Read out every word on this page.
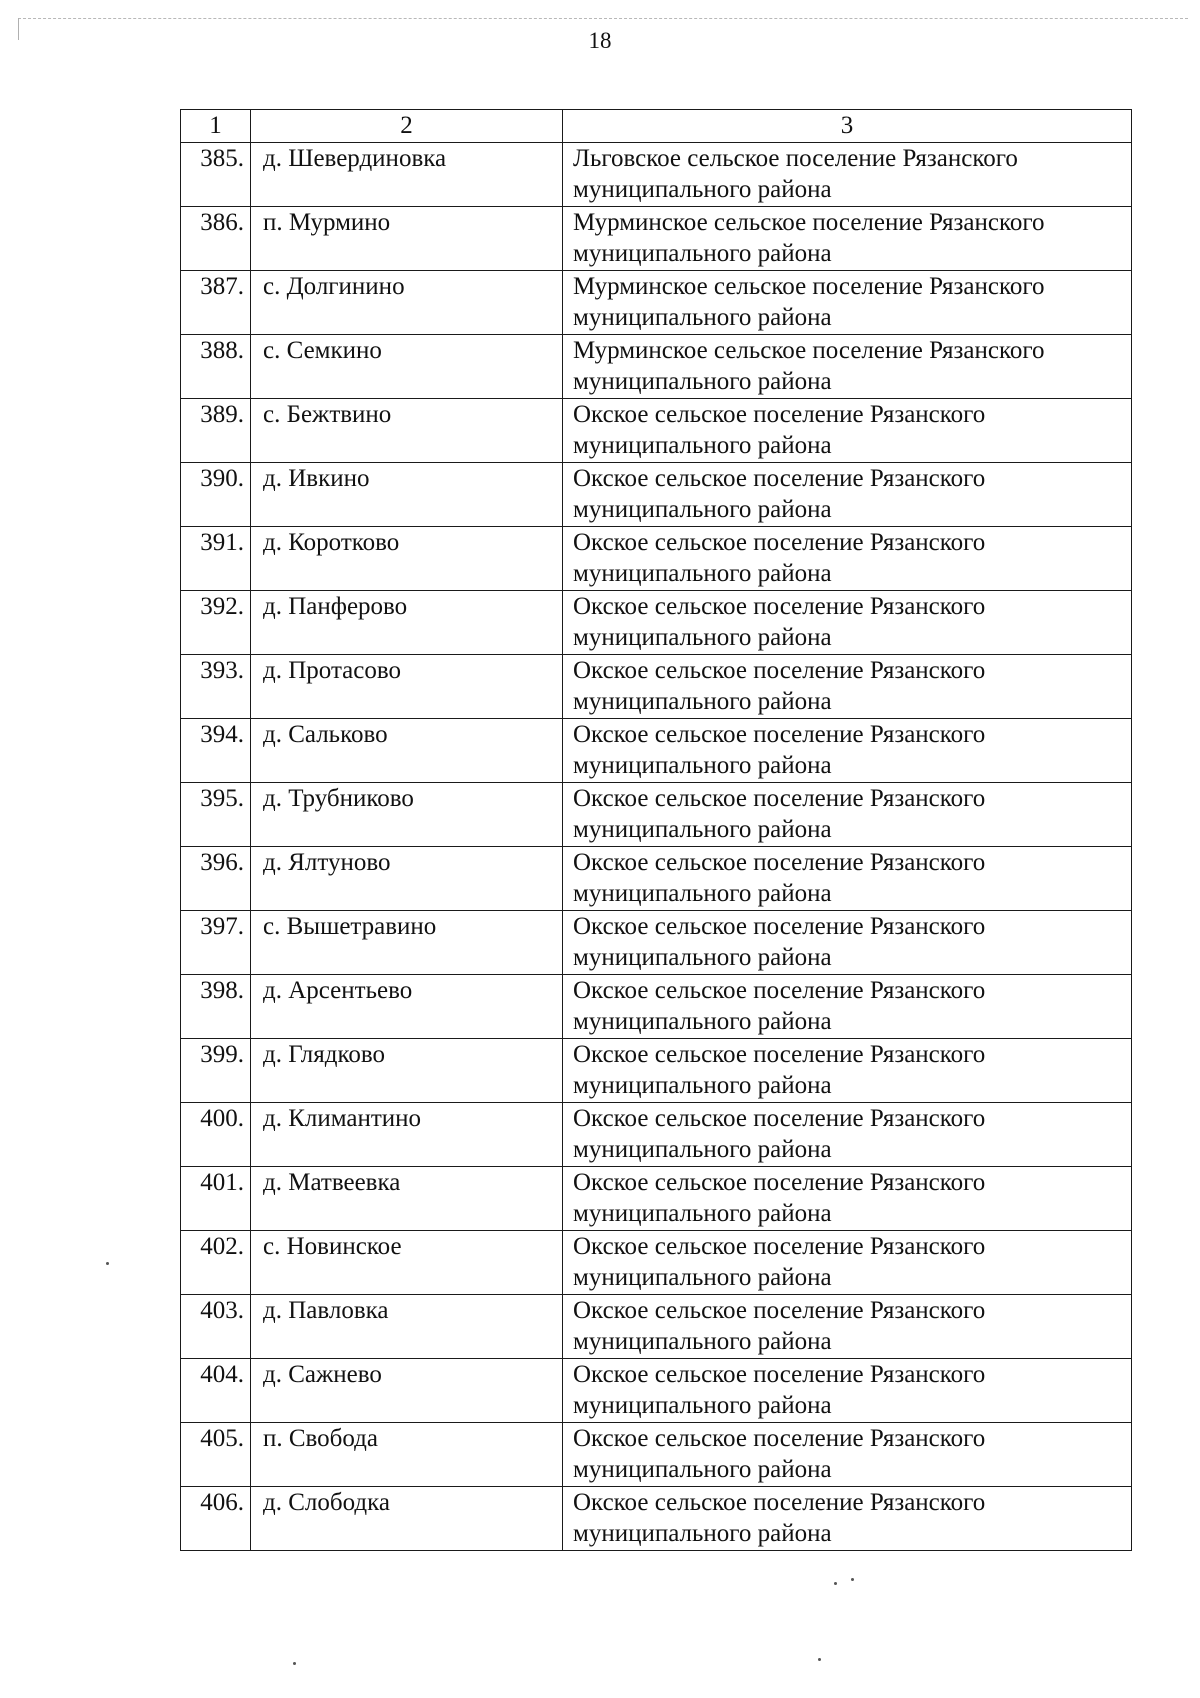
18
1	2	3
385.	д. Шевердиновка	Льговское сельское поселение Рязанского муниципального района
386.	п. Мурмино	Мурминское сельское поселение Рязанского муниципального района
387.	с. Долгинино	Мурминское сельское поселение Рязанского муниципального района
388.	с. Семкино	Мурминское сельское поселение Рязанского муниципального района
389.	с. Бежтвино	Окское сельское поселение Рязанского муниципального района
390.	д. Ивкино	Окское сельское поселение Рязанского муниципального района
391.	д. Коротково	Окское сельское поселение Рязанского муниципального района
392.	д. Панферово	Окское сельское поселение Рязанского муниципального района
393.	д. Протасово	Окское сельское поселение Рязанского муниципального района
394.	д. Сальково	Окское сельское поселение Рязанского муниципального района
395.	д. Трубниково	Окское сельское поселение Рязанского муниципального района
396.	д. Ялтуново	Окское сельское поселение Рязанского муниципального района
397.	с. Вышетравино	Окское сельское поселение Рязанского муниципального района
398.	д. Арсентьево	Окское сельское поселение Рязанского муниципального района
399.	д. Глядково	Окское сельское поселение Рязанского муниципального района
400.	д. Климантино	Окское сельское поселение Рязанского муниципального района
401.	д. Матвеевка	Окское сельское поселение Рязанского муниципального района
402.	с. Новинское	Окское сельское поселение Рязанского муниципального района
403.	д. Павловка	Окское сельское поселение Рязанского муниципального района
404.	д. Сажнево	Окское сельское поселение Рязанского муниципального района
405.	п. Свобода	Окское сельское поселение Рязанского муниципального района
406.	д. Слободка	Окское сельское поселение Рязанского муниципального района
